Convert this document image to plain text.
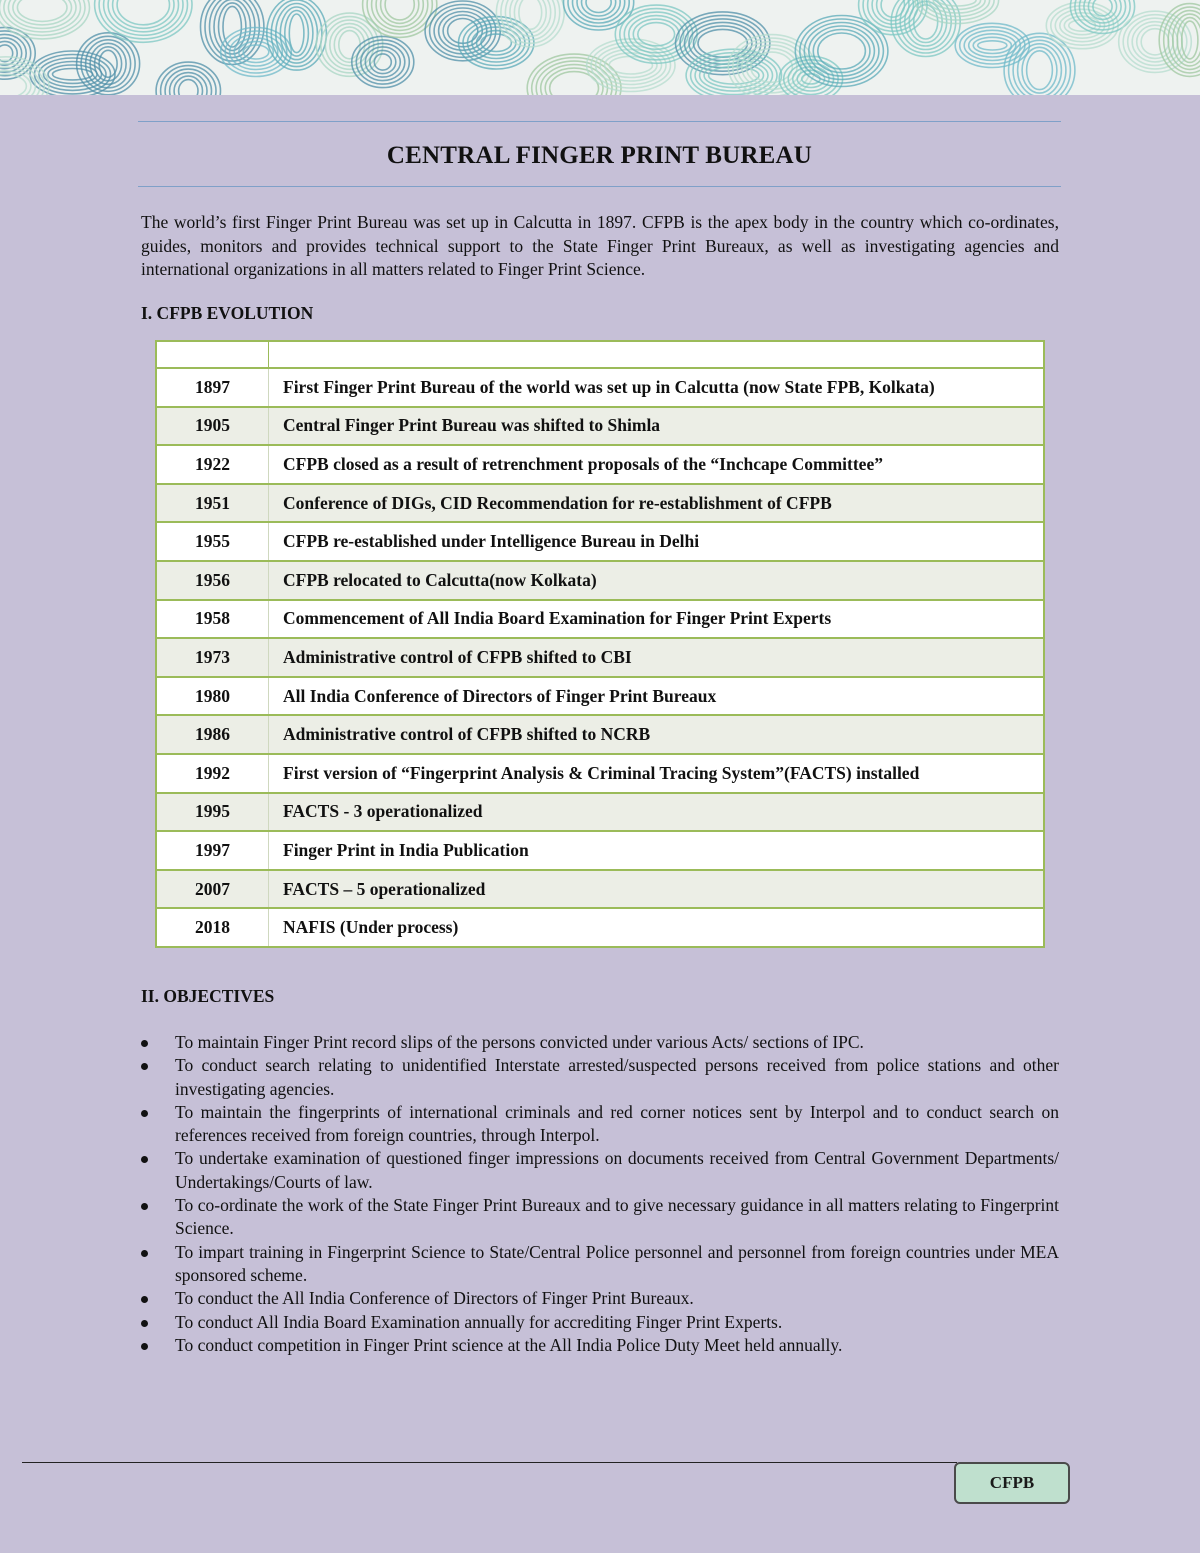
CENTRAL FINGER PRINT BUREAU
The world’s first Finger Print Bureau was set up in Calcutta in 1897. CFPB is the apex body in the country which co-ordinates, guides, monitors and provides technical support to the State Finger Print Bureaux, as well as investigating agencies and international organizations in all matters related to Finger Print Science.
I. CFPB EVOLUTION
1897	First Finger Print Bureau of the world was set up in Calcutta (now State FPB, Kolkata)
1905	Central Finger Print Bureau was shifted to Shimla
1922	CFPB closed as a result of retrenchment proposals of the “Inchcape Committee”
1951	Conference of DIGs, CID Recommendation for re-establishment of CFPB
1955	CFPB re-established under Intelligence Bureau in Delhi
1956	CFPB relocated to Calcutta(now Kolkata)
1958	Commencement of All India Board Examination for Finger Print Experts
1973	Administrative control of CFPB shifted to CBI
1980	All India Conference of Directors of Finger Print Bureaux
1986	Administrative control of CFPB shifted to NCRB
1992	First version of “Fingerprint Analysis & Criminal Tracing System”(FACTS) installed
1995	FACTS - 3 operationalized
1997	Finger Print in India Publication
2007	FACTS – 5 operationalized
2018	NAFIS (Under process)
II. OBJECTIVES
To maintain Finger Print record slips of the persons convicted under various Acts/ sections of IPC.
To conduct search relating to unidentified Interstate arrested/suspected persons received from police stations and other investigating agencies.
To maintain the fingerprints of international criminals and red corner notices sent by Interpol and to conduct search on references received from foreign countries, through Interpol.
To undertake examination of questioned finger impressions on documents received from Central Government Departments/ Undertakings/Courts of law.
To co-ordinate the work of the State Finger Print Bureaux and to give necessary guidance in all matters relating to Fingerprint Science.
To impart training in Fingerprint Science to State/Central Police personnel and personnel from foreign countries under MEA sponsored scheme.
To conduct the All India Conference of Directors of Finger Print Bureaux.
To conduct All India Board Examination annually for accrediting Finger Print Experts.
To conduct competition in Finger Print science at the All India Police Duty Meet held annually.
CFPB
